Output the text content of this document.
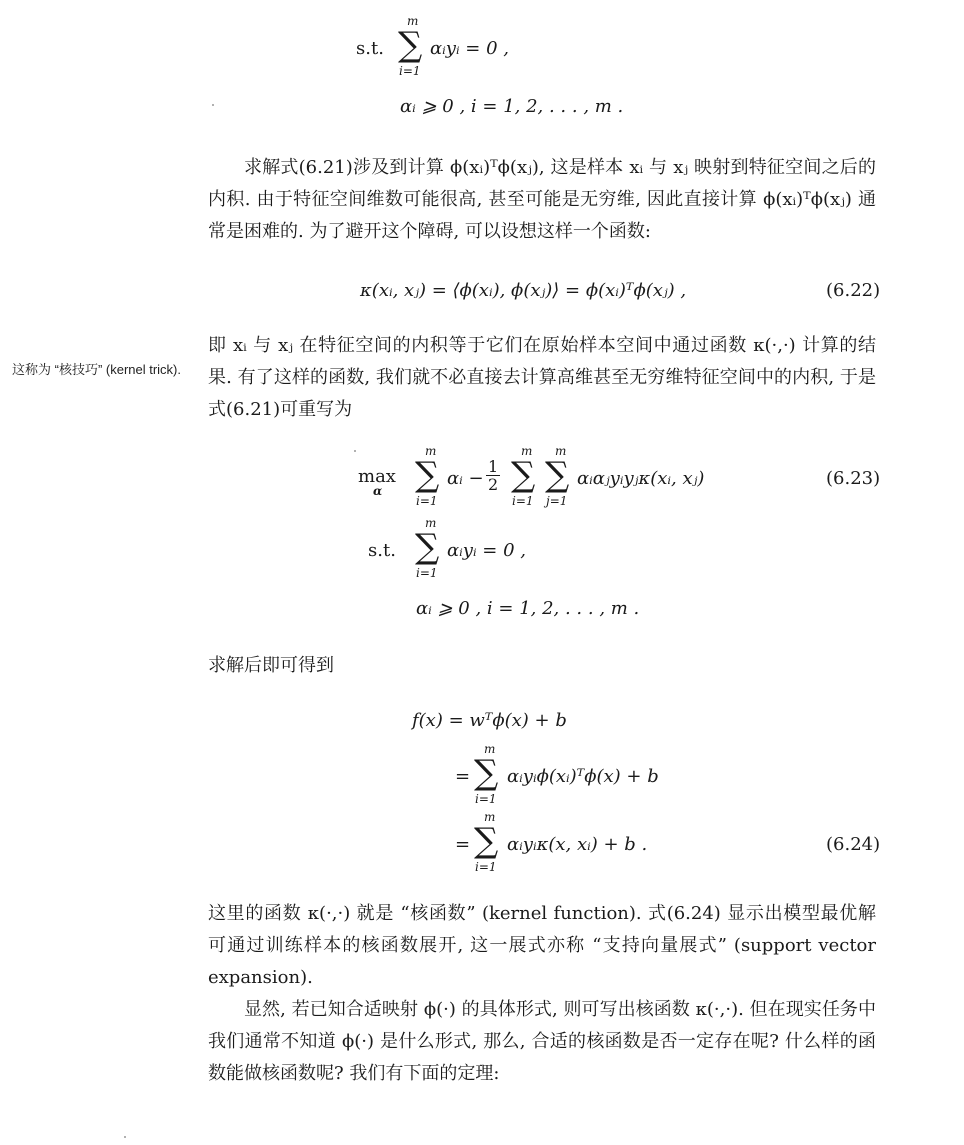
s.t.
m
∑
i=1
αᵢyᵢ = 0 ,
αᵢ ⩾ 0 , i = 1, 2, . . . , m .
求解式(6.21)涉及到计算 ϕ(xᵢ)ᵀϕ(xⱼ), 这是样本 xᵢ 与 xⱼ 映射到特征空间之后的内积. 由于特征空间维数可能很高, 甚至可能是无穷维, 因此直接计算 ϕ(xᵢ)ᵀϕ(xⱼ) 通常是困难的. 为了避开这个障碍, 可以设想这样一个函数:
κ(xᵢ, xⱼ) = ⟨ϕ(xᵢ), ϕ(xⱼ)⟩ = ϕ(xᵢ)ᵀϕ(xⱼ) ,	(6.22)
这称为 “核技巧” (kernel trick).
即 xᵢ 与 xⱼ 在特征空间的内积等于它们在原始样本空间中通过函数 κ(·,·) 计算的结果. 有了这样的函数, 我们就不必直接去计算高维甚至无穷维特征空间中的内积, 于是式(6.21)可重写为
max
α
m
∑
i=1
αᵢ − $\frac{1}{2}$
m
∑
i=1
m
∑
j=1
αᵢαⱼyᵢyⱼκ(xᵢ, xⱼ)	(6.23)
s.t.
m
∑
i=1
αᵢyᵢ = 0 ,
αᵢ ⩾ 0 , i = 1, 2, . . . , m .
求解后即可得到
f(x) = wᵀϕ(x) + b
=
m
∑
i=1
αᵢyᵢϕ(xᵢ)ᵀϕ(x) + b
=
m
∑
i=1
αᵢyᵢκ(x, xᵢ) + b .	(6.24)
这里的函数 κ(·,·) 就是 “核函数” (kernel function). 式(6.24) 显示出模型最优解可通过训练样本的核函数展开, 这一展式亦称 “支持向量展式” (support vector expansion).
显然, 若已知合适映射 ϕ(·) 的具体形式, 则可写出核函数 κ(·,·). 但在现实任务中我们通常不知道 ϕ(·) 是什么形式, 那么, 合适的核函数是否一定存在呢? 什么样的函数能做核函数呢? 我们有下面的定理:
